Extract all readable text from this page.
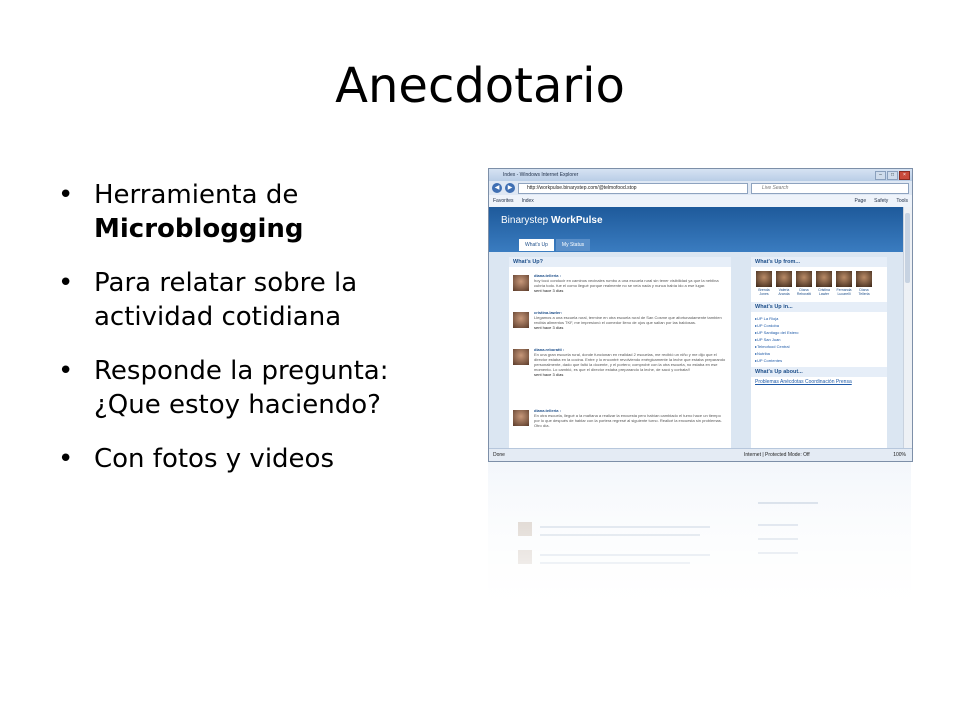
Anecdotario
• Herramienta de Microblogging
• Para relatar sobre la actividad cotidiana
• Responde la pregunta: ¿Que estoy haciendo?
• Con fotos y videos
Index - Windows Internet Explorer	–	□	×
◀	▶	http://workpulse.binarystep.com/@telmofood.stop	Live Search
Favorites Index	Page Safety Tools
Binarystep WorkPulse
What's Up	My Status
What's Up?
diana.telleria :
hoy tocó conducir en caminos vecinales rumbo a una escuela rural sin tener visibilidad ya que la neblina cubría todo. fue el como llegué porque realmente no se veía nada y nunca había ido a ese lugar.
sent hace 3 días
cristina.lawler:
Llegamos a una escuela rural, termine en otra escuela rural de San Cosme que afortunadamente tambien recibia alimentos TKF, me impresionó el comedor lleno de ojos que salían por las baldosas.
sent hace 3 días
diana.reboratti :
En una gran escuela rural, donde funcionan en realidad 2 escuelas, me recibió un niño y me dijo que el director estaba en la cocina. Entre y lo encontré revolviendo enérgicamente la leche que estaba preparando personalmente, dado que faltó la docente, y el portero; comprobé con la otra escuela, no estaba en ese momento. Lo cambió, es que el director estaba preparando la leche, de sacó y corbata!!
sent hace 3 días
diana.telleria :
En otra escuela, llegué a la mañana a realizar la encuesta pero habían cambiado el turno hace un tiempo por lo que después de hablar con la portera regresé al siguiente turno. Realicé la encuesta sin problemas. Otro día.
What's Up from...
Brenda Jones
Valeria Aranda
Diana Reboratti
Cristina Lawler
Fernanda Lucarelli
Diana Telleria
What's Up in...
▸ UP La Rioja
▸ UP Cordoba
▸ UP Santiago del Estero
▸ UP San Juan
▸ Telmofood Central
▸ Nutriba
▸ UP Corrientes
What's Up about...
Problemas Anécdotas Coordinación Prensa
Done	Internet | Protected Mode: Off	100%
